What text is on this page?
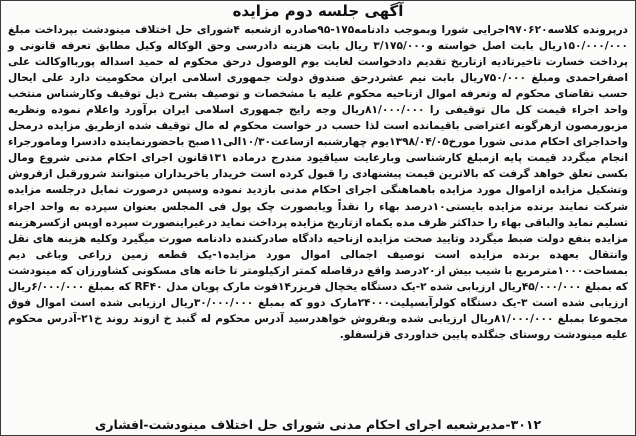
آگهی جلسه دوم مزایده

درپرونده کلاسه۹۷۰۶۲۰اجرایی شورا وبموجب دادنامه۱۷۵-۹۵صادره ازشعبه ۴شورای حل اختلاف مینودشت بپرداخت مبلغ ۱۵۰/۰۰۰/۰۰۰ریال بابت اصل خواسته و۳/۱۷۵/۰۰۰ ریال بابت هزینه دادرسی وحق الوکاله وکیل مطابق تعرفه قانونی و پرداخت خسارت تاخیرتادیه ازتاریخ تقدیم دادخواست لغایت یوم الوصول درحق محکوم له حمید اسداله پوربااوکالت علی اصفراحمدی ومبلغ ۷۵۰/۰۰۰ریال بابت نیم عشردرحق صندوق دولت جمهوری اسلامی ایران محکومیت دارد علی ایحال حسب تقاضای محکوم له وتعرفه اموال ازناحیه محکوم علیه با مشخصات و توصیف بشرح ذیل توقیف وکارشناس منتخب واحد اجراء قیمت کل مال توقیفی را ۸۱/۰۰۰/۰۰۰ریال وجه رایج جمهوری اسلامی ایران برآورد واعلام نموده ونظریه مزبورمصون ازهرگونه اعتراضی باقیمانده است لذا حسب در خواست محکوم له مال توقیف شده ازطریق مزایده درمحل واحداجرای احکام مدنی شورا مورخ۱۳۹۸/۰۴/۰۵یوم چهارشنبه ازساعت۱۰/۳۰الی۱۱صبح باحضورنماینده دادسرا ومامورجراء انجام میگردد قیمت پایه ازمبلغ کارشناسی وبارعایت سیاقیود مندرج درماده ۱۳۱قانون اجرای احکام مدنی شروع ومال بکسی تعلق خواهد گرفت که بالاترین قیمت پیشنهادی را قبول کرده است خریدار یاخریداران میتوانند شرورقبل ازفروش وتشکیل مزایده ازاموال مورد مزایده باهماهنگی اجرای احکام مدنی بازدید نموده وسپس درصورت تمایل درجلسه مزایده شرکت نمایند برنده مزایده بایستی۱۰درصد بهاء را نقداً ویابصورت چک پول فی المجلس بعنوان سپرده به واحد اجراء تسلیم نماید والباقی بهاء را حداکثر ظرف مده یکماه ازتاریخ مزایده پرداخت نماید درغیراینصورت سپرده اوپس ازکسرهزینه مزایده بنفع دولت ضبط میگردد وتایید صحت مزایده ازناحیه دادگاه صادرکننده دادنامه صورت میگیرد وکلیه هزینه های نقل وانتقال بعهده برنده مزایده است توصیف اجمالی اموال مورد مزایده۱-یک قطعه زمین زراعی وباغی دیم بمساحت۱۰۰۰مترمربع با شیب بیش از۲۰درصد واقع درقاصله کمتر ازکیلومتر تا خانه های مسکونی کشاورزان که مینودشت که بمبلغ ۴۵/۰۰۰/۰۰۰ریال ارزیابی شده ۲-یک دستگاه یخچال فریزر۱۴فوت مارک پویان مدل RF۴۰ که بمبلغ ۶/۰۰۰/۰۰۰ریال ارزیابی شده است ۳-یک دستگاه کولرآبسپلیت۲۴۰۰۰مارک دوو که بمبلغ ۳۰/۰۰۰/۰۰۰ریال ارزیابی شده است اموال فوق مجموعا بمبلغ ۸۱/۰۰۰/۰۰۰ریال ارزیابی شده وبفروش خواهدرسید آدرس محکوم له گنبد خ ازوند روند خ۲۱-آدرس محکوم علیه مینودشت روستای جنگلده پایین خداوردی قزلسفلو.

۳۰۱۲-مدیرشعبه اجرای احکام مدنی شورای حل اختلاف مینودشت-افشاری
